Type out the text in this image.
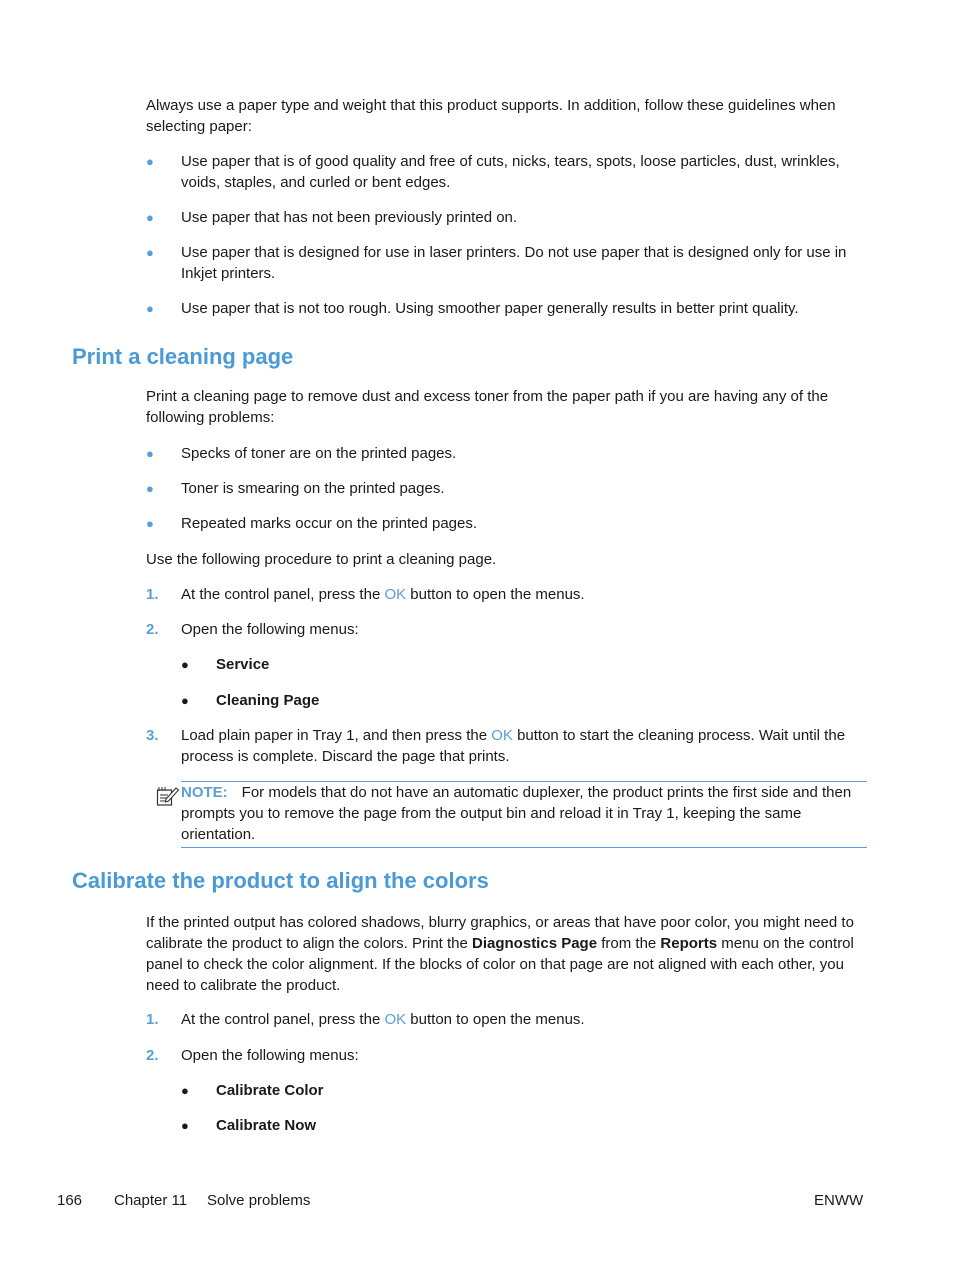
Always use a paper type and weight that this product supports. In addition, follow these guidelines when selecting paper:
● Use paper that is of good quality and free of cuts, nicks, tears, spots, loose particles, dust, wrinkles, voids, staples, and curled or bent edges.
● Use paper that has not been previously printed on.
● Use paper that is designed for use in laser printers. Do not use paper that is designed only for use in Inkjet printers.
● Use paper that is not too rough. Using smoother paper generally results in better print quality.
Print a cleaning page
Print a cleaning page to remove dust and excess toner from the paper path if you are having any of the following problems:
● Specks of toner are on the printed pages.
● Toner is smearing on the printed pages.
● Repeated marks occur on the printed pages.
Use the following procedure to print a cleaning page.
1. At the control panel, press the OK button to open the menus.
2. Open the following menus:
● Service
● Cleaning Page
3. Load plain paper in Tray 1, and then press the OK button to start the cleaning process. Wait until the process is complete. Discard the page that prints.
NOTE: For models that do not have an automatic duplexer, the product prints the first side and then prompts you to remove the page from the output bin and reload it in Tray 1, keeping the same orientation.
Calibrate the product to align the colors
If the printed output has colored shadows, blurry graphics, or areas that have poor color, you might need to calibrate the product to align the colors. Print the Diagnostics Page from the Reports menu on the control panel to check the color alignment. If the blocks of color on that page are not aligned with each other, you need to calibrate the product.
1. At the control panel, press the OK button to open the menus.
2. Open the following menus:
● Calibrate Color
● Calibrate Now
166 Chapter 11 Solve problems	ENWW
